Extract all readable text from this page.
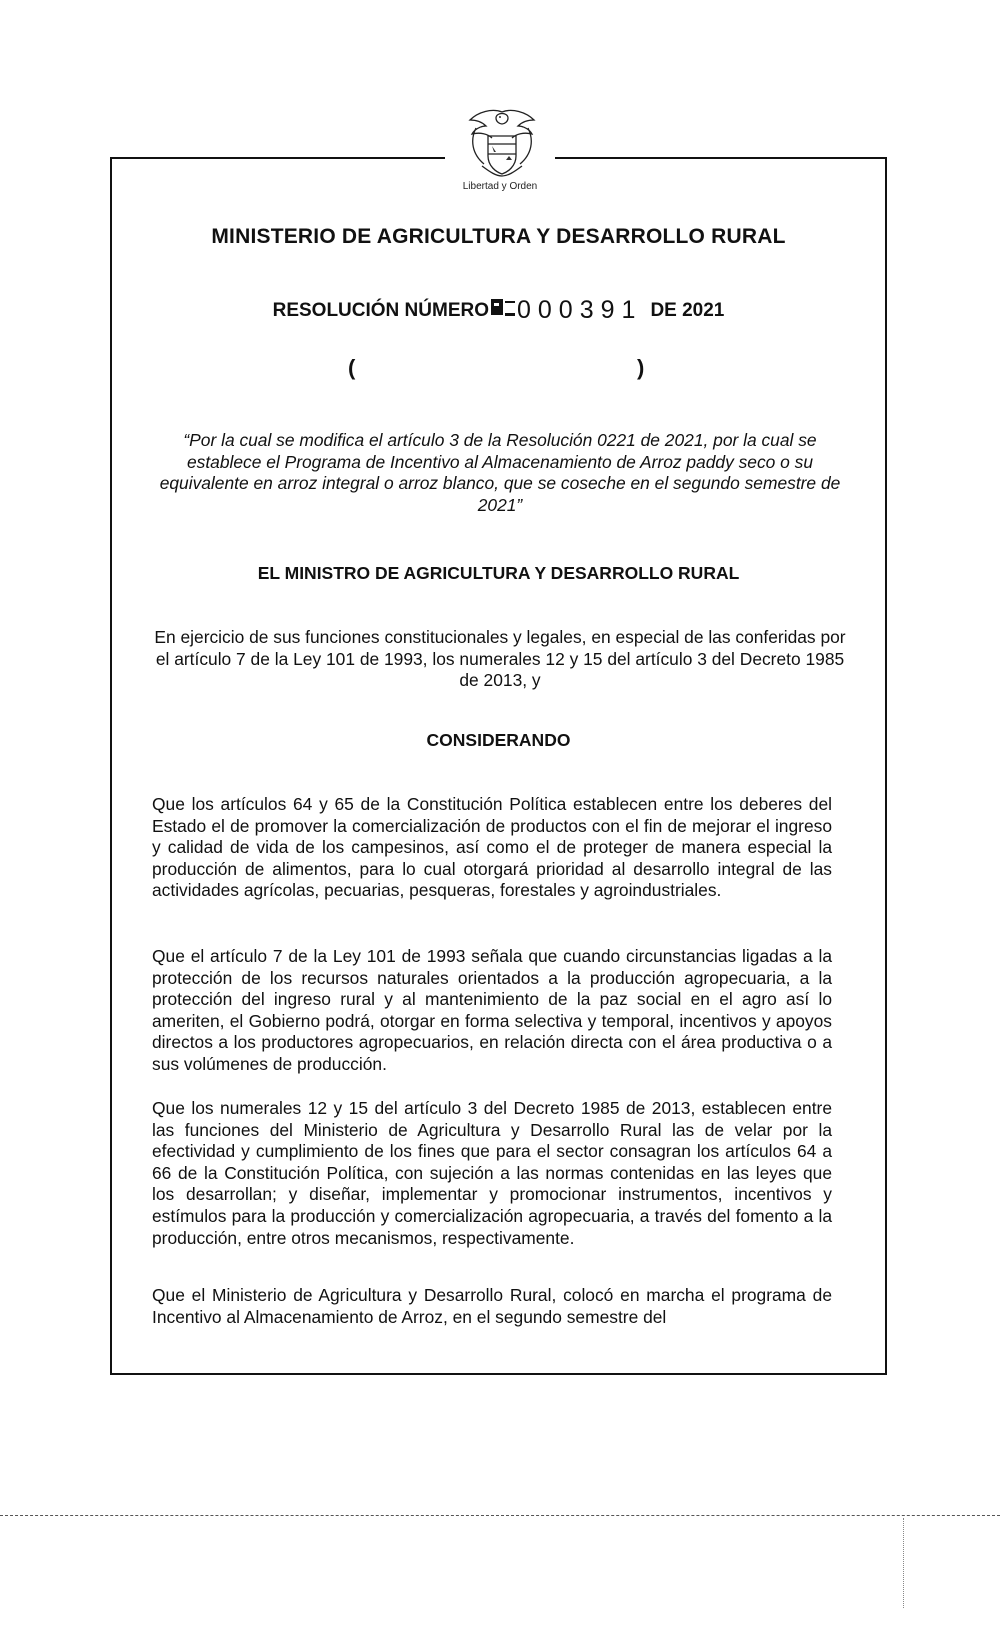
Libertad y Orden
MINISTERIO DE AGRICULTURA Y DESARROLLO RURAL
RESOLUCIÓN NÚMERO 000391 DE 2021
(	)
“Por la cual se modifica el artículo 3 de la Resolución 0221 de 2021, por la cual se establece el Programa de Incentivo al Almacenamiento de Arroz paddy seco o su equivalente en arroz integral o arroz blanco, que se coseche en el segundo semestre de 2021”
EL MINISTRO DE AGRICULTURA Y DESARROLLO RURAL
En ejercicio de sus funciones constitucionales y legales, en especial de las conferidas por el artículo 7 de la Ley 101 de 1993, los numerales 12 y 15 del artículo 3 del Decreto 1985 de 2013, y
CONSIDERANDO
Que los artículos 64 y 65 de la Constitución Política establecen entre los deberes del Estado el de promover la comercialización de productos con el fin de mejorar el ingreso y calidad de vida de los campesinos, así como el de proteger de manera especial la producción de alimentos, para lo cual otorgará prioridad al desarrollo integral de las actividades agrícolas, pecuarias, pesqueras, forestales y agroindustriales.
Que el artículo 7 de la Ley 101 de 1993 señala que cuando circunstancias ligadas a la protección de los recursos naturales orientados a la producción agropecuaria, a la protección del ingreso rural y al mantenimiento de la paz social en el agro así lo ameriten, el Gobierno podrá, otorgar en forma selectiva y temporal, incentivos y apoyos directos a los productores agropecuarios, en relación directa con el área productiva o a sus volúmenes de producción.
Que los numerales 12 y 15 del artículo 3 del Decreto 1985 de 2013, establecen entre las funciones del Ministerio de Agricultura y Desarrollo Rural las de velar por la efectividad y cumplimiento de los fines que para el sector consagran los artículos 64 a 66 de la Constitución Política, con sujeción a las normas contenidas en las leyes que los desarrollan; y diseñar, implementar y promocionar instrumentos, incentivos y estímulos para la producción y comercialización agropecuaria, a través del fomento a la producción, entre otros mecanismos, respectivamente.
Que el Ministerio de Agricultura y Desarrollo Rural, colocó en marcha el programa de Incentivo al Almacenamiento de Arroz, en el segundo semestre del
